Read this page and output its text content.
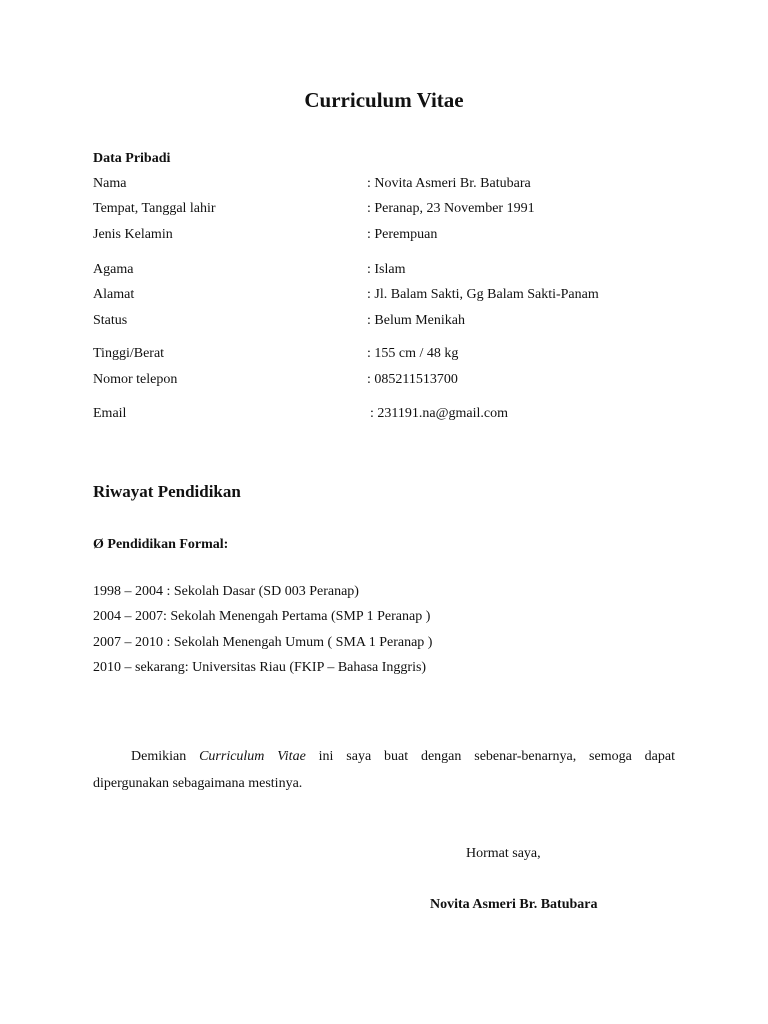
Curriculum Vitae
Data Pribadi
Nama	: Novita Asmeri Br. Batubara
Tempat, Tanggal lahir	: Peranap, 23 November 1991
Jenis Kelamin	: Perempuan
Agama	: Islam
Alamat	: Jl. Balam Sakti, Gg Balam Sakti-Panam
Status	: Belum Menikah
Tinggi/Berat	: 155 cm / 48 kg
Nomor telepon	: 085211513700
Email	: 231191.na@gmail.com
Riwayat Pendidikan
Ø Pendidikan Formal:
1998 – 2004 : Sekolah Dasar (SD 003 Peranap)
2004 – 2007: Sekolah Menengah Pertama (SMP 1 Peranap )
2007 – 2010 : Sekolah Menengah Umum ( SMA 1 Peranap )
2010 – sekarang: Universitas Riau (FKIP – Bahasa Inggris)
Demikian Curriculum Vitae ini saya buat dengan sebenar-benarnya, semoga dapat
dipergunakan sebagaimana mestinya.
Hormat saya,
Novita Asmeri Br. Batubara
